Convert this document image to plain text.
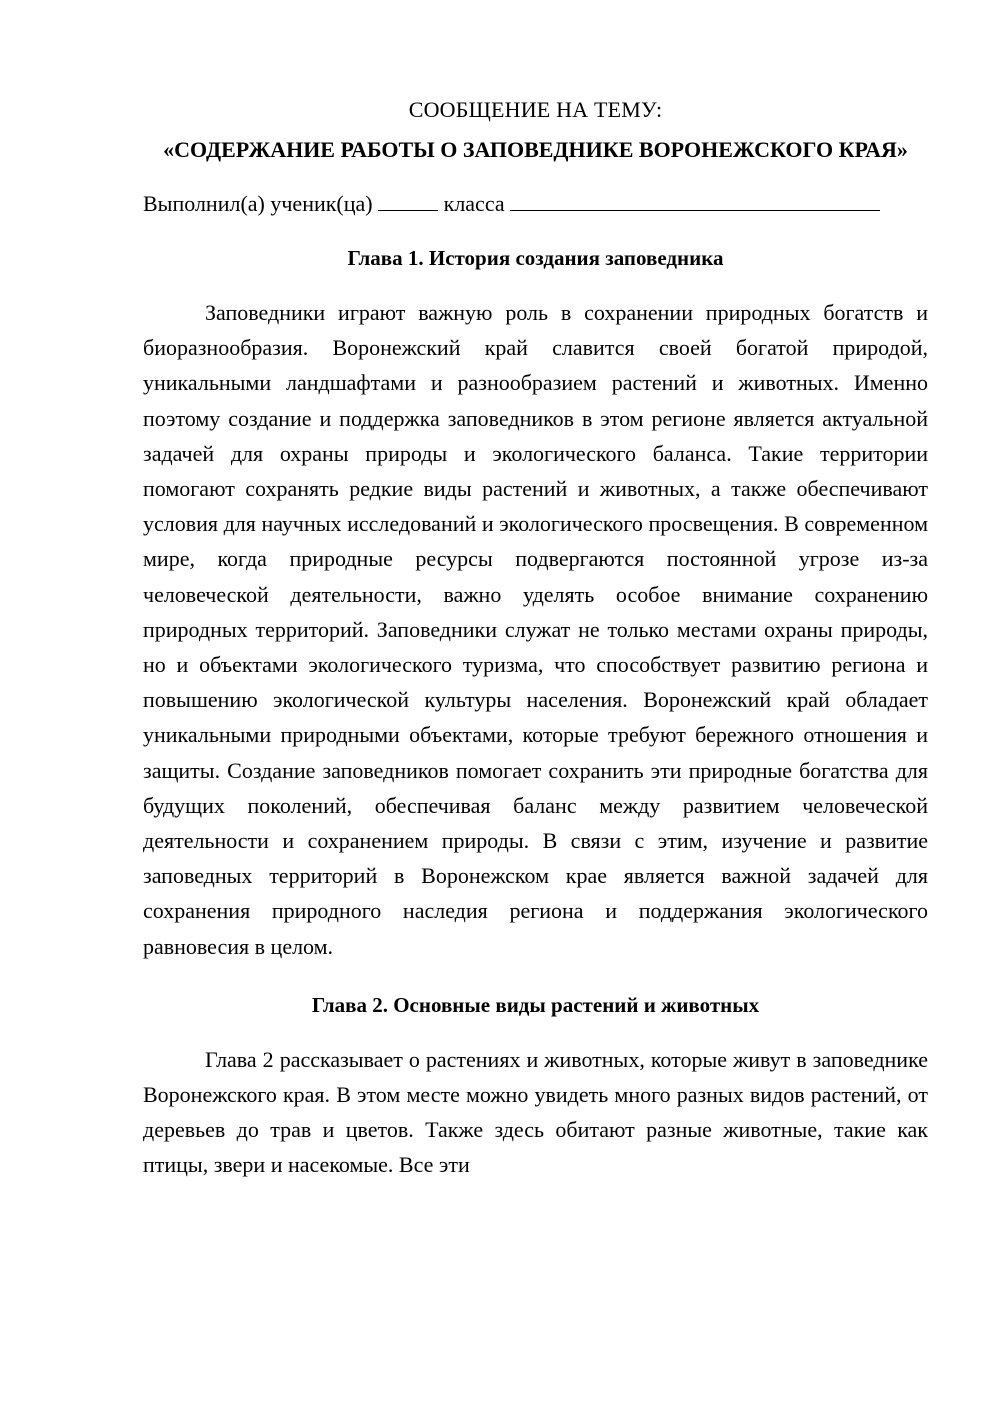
СООБЩЕНИЕ НА ТЕМУ:

«СОДЕРЖАНИЕ РАБОТЫ О ЗАПОВЕДНИКЕ ВОРОНЕЖСКОГО КРАЯ»

Выполнил(а) ученик(ца)	класса

Глава 1. История создания заповедника

Заповедники играют важную роль в сохранении природных богатств и биоразнообразия. Воронежский край славится своей богатой природой, уникальными ландшафтами и разнообразием растений и животных. Именно поэтому создание и поддержка заповедников в этом регионе является актуальной задачей для охраны природы и экологического баланса. Такие территории помогают сохранять редкие виды растений и животных, а также обеспечивают условия для научных исследований и экологического просвещения. В современном мире, когда природные ресурсы подвергаются постоянной угрозе из-за человеческой деятельности, важно уделять особое внимание сохранению природных территорий. Заповедники служат не только местами охраны природы, но и объектами экологического туризма, что способствует развитию региона и повышению экологической культуры населения. Воронежский край обладает уникальными природными объектами, которые требуют бережного отношения и защиты. Создание заповедников помогает сохранить эти природные богатства для будущих поколений, обеспечивая баланс между развитием человеческой деятельности и сохранением природы. В связи с этим, изучение и развитие заповедных территорий в Воронежском крае является важной задачей для сохранения природного наследия региона и поддержания экологического равновесия в целом.

Глава 2. Основные виды растений и животных

Глава 2 рассказывает о растениях и животных, которые живут в заповеднике Воронежского края. В этом месте можно увидеть много разных видов растений, от деревьев до трав и цветов. Также здесь обитают разные животные, такие как птицы, звери и насекомые. Все эти
